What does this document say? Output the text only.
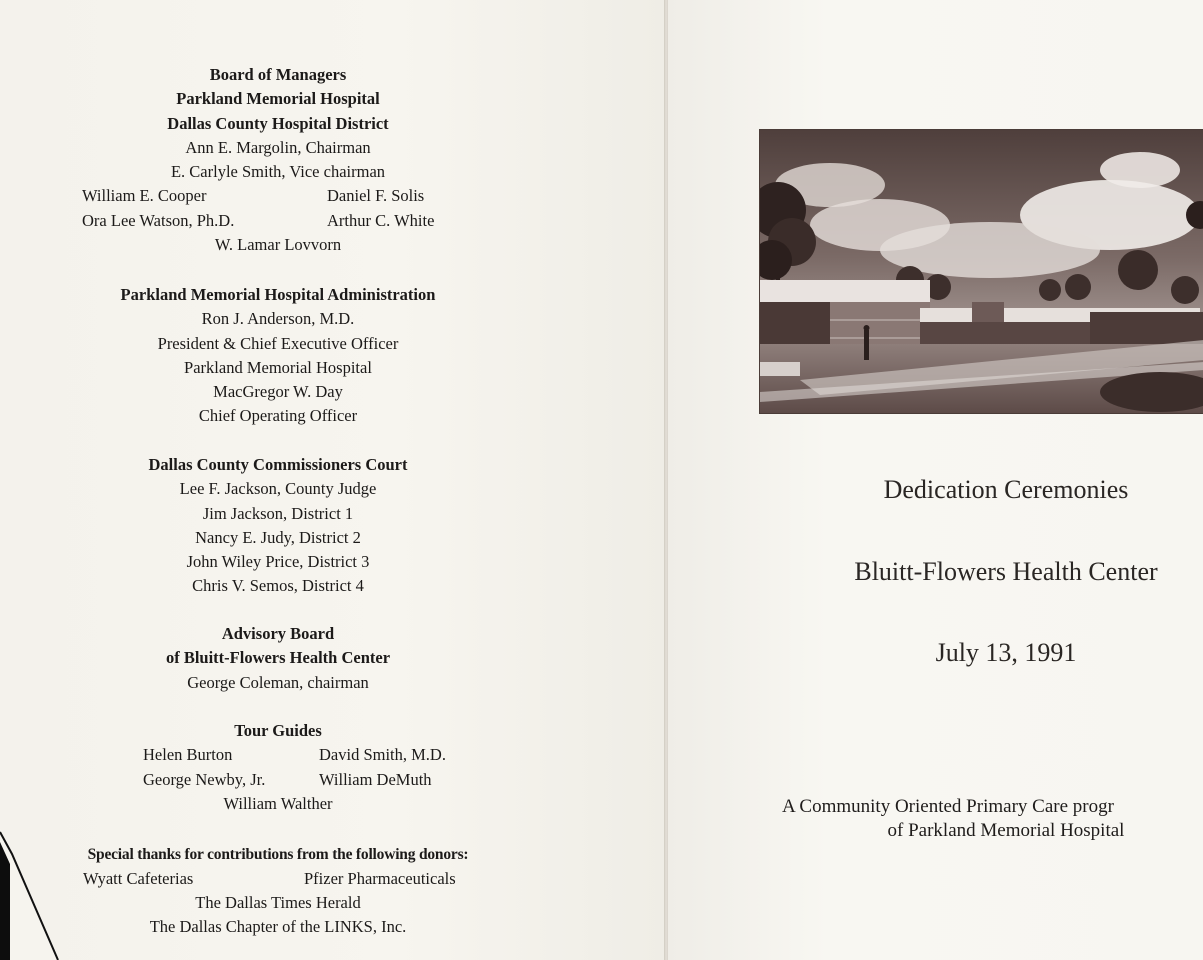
Board of Managers
Parkland Memorial Hospital
Dallas County Hospital District
Ann E. Margolin, Chairman
E. Carlyle Smith, Vice chairman
William E. Cooper	Daniel F. Solis
Ora Lee Watson, Ph.D.	Arthur C. White
W. Lamar Lovvorn
Parkland Memorial Hospital Administration
Ron J. Anderson, M.D.
President & Chief Executive Officer
Parkland Memorial Hospital
MacGregor W. Day
Chief Operating Officer
Dallas County Commissioners Court
Lee F. Jackson, County Judge
Jim Jackson, District 1
Nancy E. Judy, District 2
John Wiley Price, District 3
Chris V. Semos, District 4
Advisory Board
of Bluitt-Flowers Health Center
George Coleman, chairman
Tour Guides
Helen Burton	David Smith, M.D.
George Newby, Jr.	William DeMuth
William Walther
Special thanks for contributions from the following donors:
Wyatt Cafeterias	Pfizer Pharmaceuticals
The Dallas Times Herald
The Dallas Chapter of the LINKS, Inc.
Dedication Ceremonies
Bluitt-Flowers Health Center
July 13, 1991
A Community Oriented Primary Care progr
of Parkland Memorial Hospital
